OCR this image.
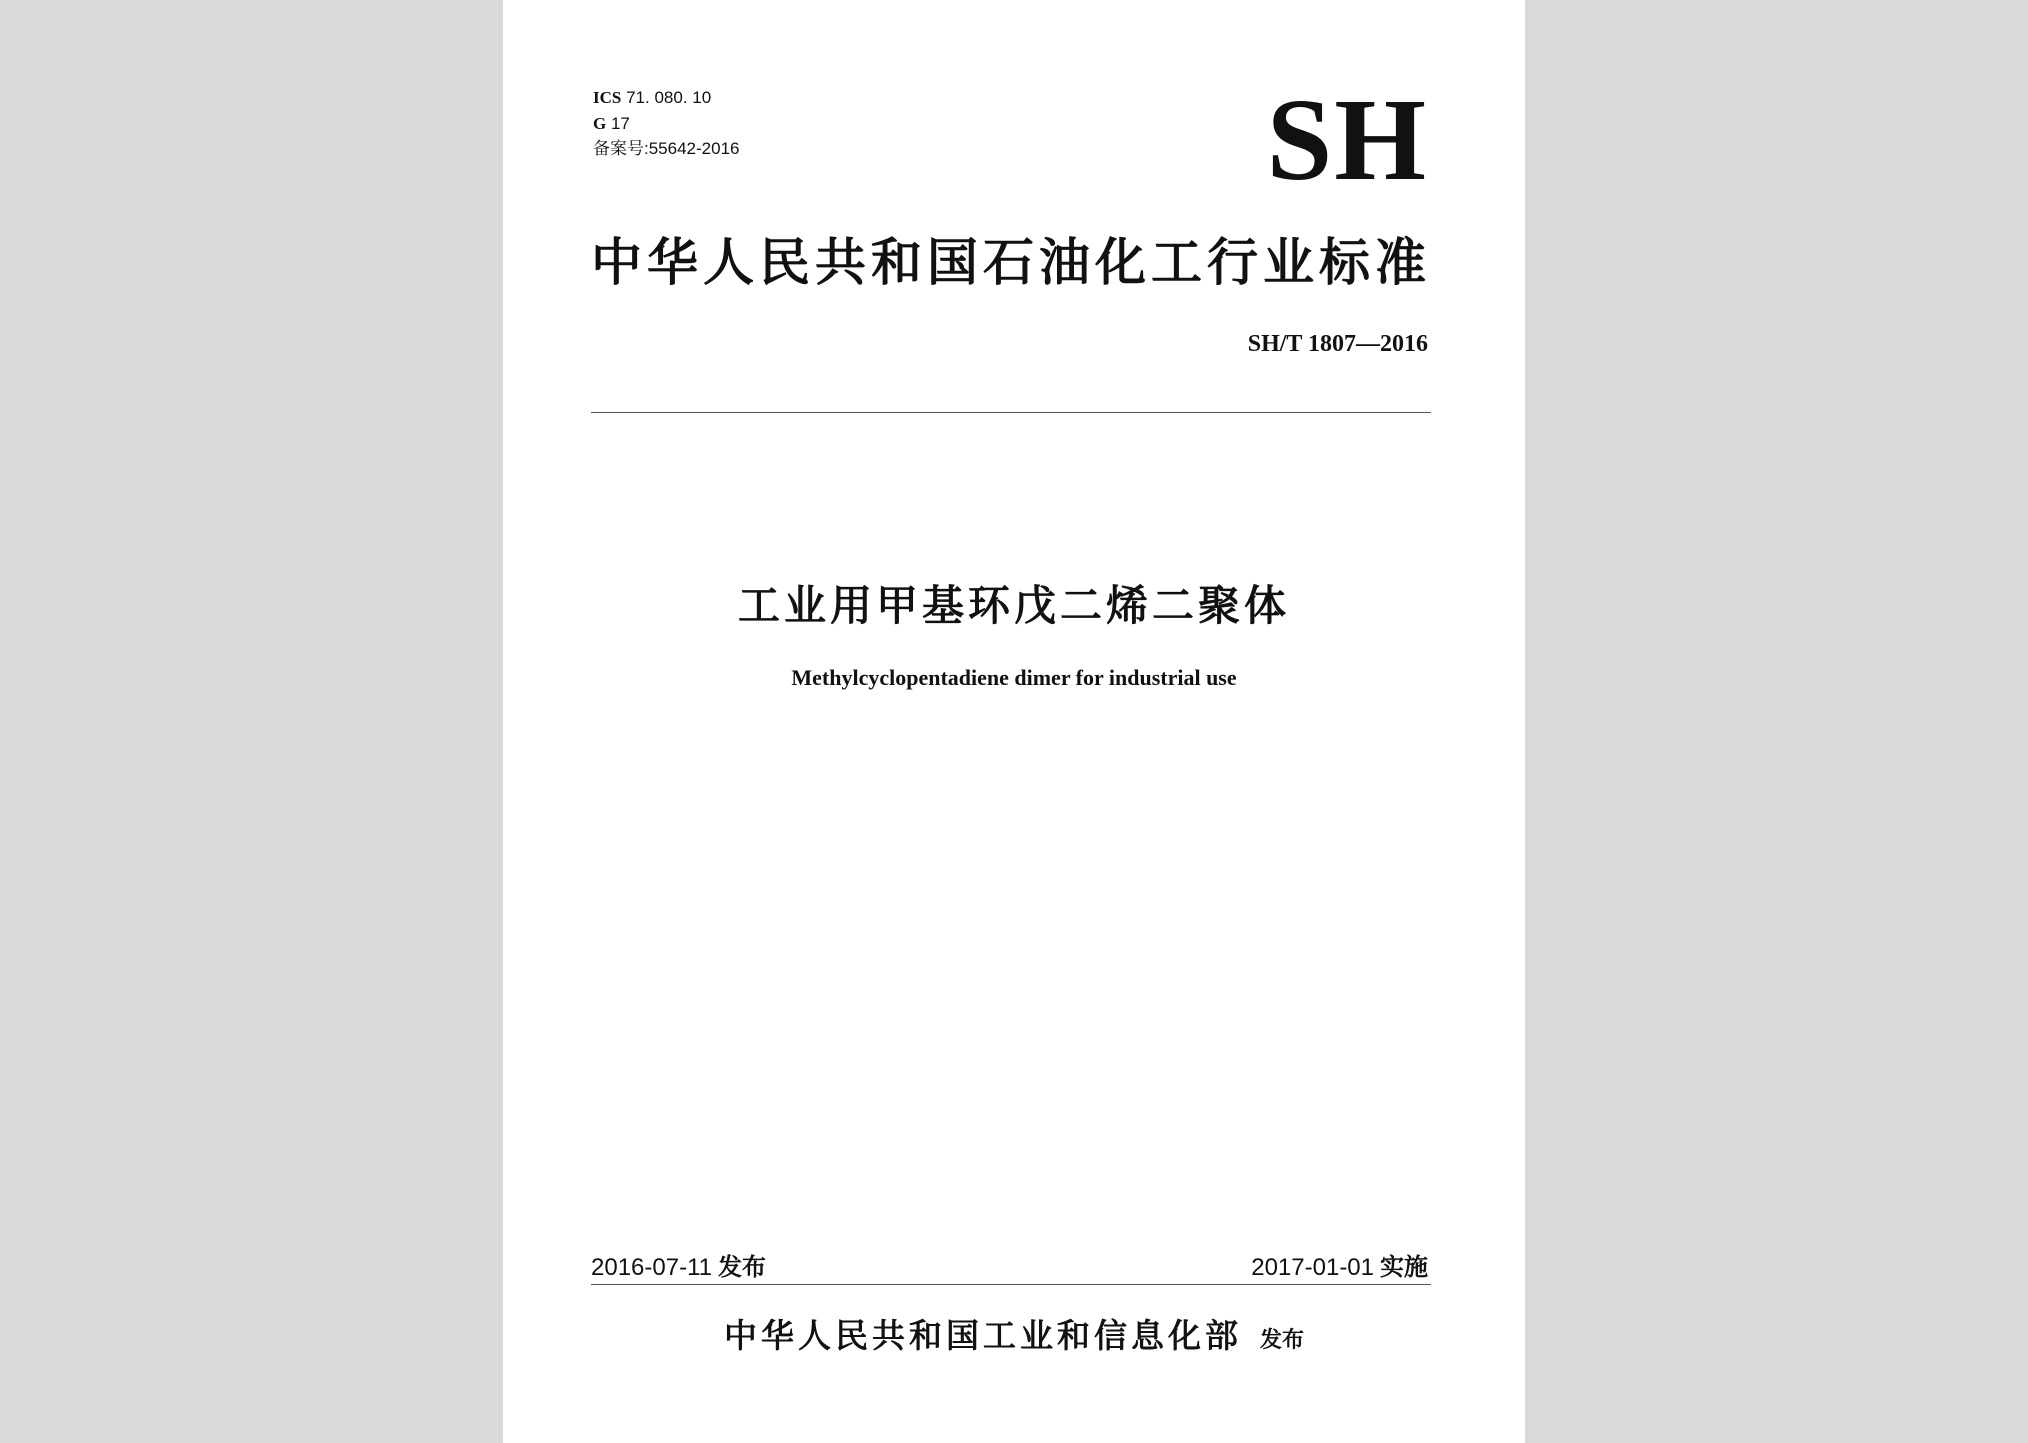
ICS 71. 080. 10
G 17
备案号:55642-2016	SH
中华人民共和国石油化工行业标准
SH/T 1807—2016
工业用甲基环戊二烯二聚体
Methylcyclopentadiene dimer for industrial use
2016-07-11 发布	2017-01-01 实施
中华人民共和国工业和信息化部 发布
